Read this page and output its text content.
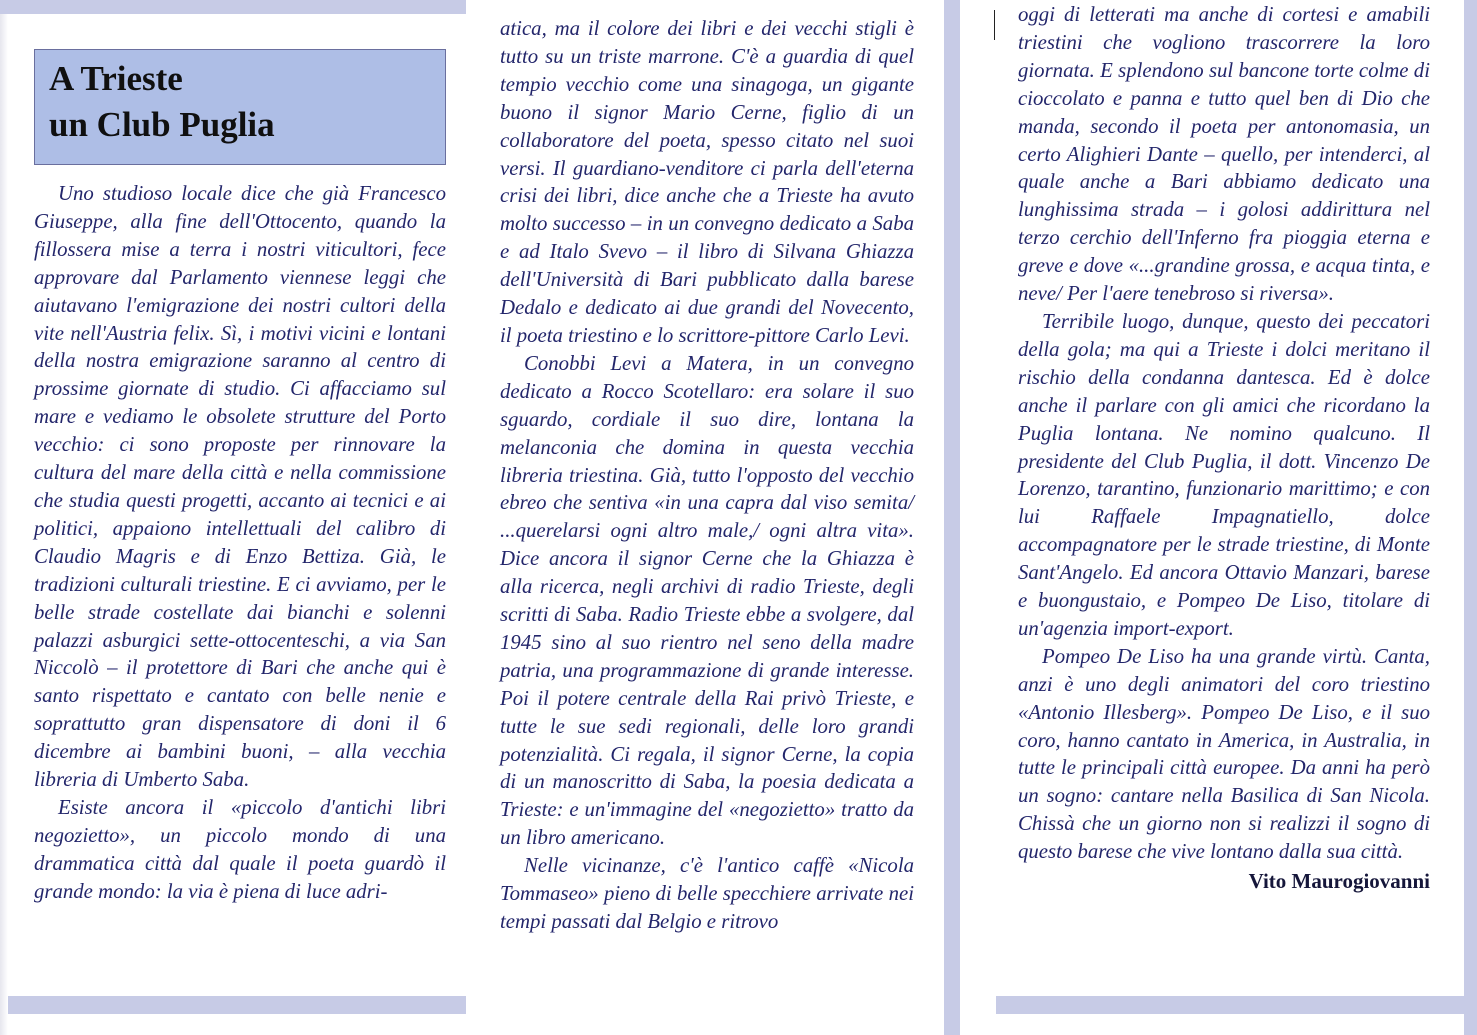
A Trieste
un Club Puglia

Uno studioso locale dice che già Francesco Giuseppe, alla fine dell'Ottocento, quando la fillossera mise a terra i nostri viticultori, fece approvare dal Parlamento viennese leggi che aiutavano l'emigrazione dei nostri cultori della vite nell'Austria felix. Sì, i motivi vicini e lontani della nostra emigrazione saranno al centro di prossime giornate di studio. Ci affacciamo sul mare e vediamo le obsolete strutture del Porto vecchio: ci sono proposte per rinnovare la cultura del mare della città e nella commissione che studia questi progetti, accanto ai tecnici e ai politici, appaiono intellettuali del calibro di Claudio Magris e di Enzo Bettiza. Già, le tradizioni culturali triestine. E ci avviamo, per le belle strade costellate dai bianchi e solenni palazzi asburgici sette-ottocenteschi, a via San Niccolò – il protettore di Bari che anche qui è santo rispettato e cantato con belle nenie e soprattutto gran dispensatore di doni il 6 dicembre ai bambini buoni, – alla vecchia libreria di Umberto Saba.

Esiste ancora il «piccolo d'antichi libri negozietto», un piccolo mondo di una drammatica città dal quale il poeta guardò il grande mondo: la via è piena di luce adri-

atica, ma il colore dei libri e dei vecchi stigli è tutto su un triste marrone. C'è a guardia di quel tempio vecchio come una sinagoga, un gigante buono il signor Mario Cerne, figlio di un collaboratore del poeta, spesso citato nel suoi versi. Il guardiano-venditore ci parla dell'eterna crisi dei libri, dice anche che a Trieste ha avuto molto successo – in un convegno dedicato a Saba e ad Italo Svevo – il libro di Silvana Ghiazza dell'Università di Bari pubblicato dalla barese Dedalo e dedicato ai due grandi del Novecento, il poeta triestino e lo scrittore-pittore Carlo Levi.

Conobbi Levi a Matera, in un convegno dedicato a Rocco Scotellaro: era solare il suo sguardo, cordiale il suo dire, lontana la melanconia che domina in questa vecchia libreria triestina. Già, tutto l'opposto del vecchio ebreo che sentiva «in una capra dal viso semita/ ...querelarsi ogni altro male,/ ogni altra vita». Dice ancora il signor Cerne che la Ghiazza è alla ricerca, negli archivi di radio Trieste, degli scritti di Saba. Radio Trieste ebbe a svolgere, dal 1945 sino al suo rientro nel seno della madre patria, una programmazione di grande interesse. Poi il potere centrale della Rai privò Trieste, e tutte le sue sedi regionali, delle loro grandi potenzialità. Ci regala, il signor Cerne, la copia di un manoscritto di Saba, la poesia dedicata a Trieste: e un'immagine del «negozietto» tratto da un libro americano.

Nelle vicinanze, c'è l'antico caffè «Nicola Tommaseo» pieno di belle specchiere arrivate nei tempi passati dal Belgio e ritrovo

oggi di letterati ma anche di cortesi e amabili triestini che vogliono trascorrere la loro giornata. E splendono sul bancone torte colme di cioccolato e panna e tutto quel ben di Dio che manda, secondo il poeta per antonomasia, un certo Alighieri Dante – quello, per intenderci, al quale anche a Bari abbiamo dedicato una lunghissima strada – i golosi addirittura nel terzo cerchio dell'Inferno fra pioggia eterna e greve e dove «...grandine grossa, e acqua tinta, e neve/ Per l'aere tenebroso si riversa».

Terribile luogo, dunque, questo dei peccatori della gola; ma qui a Trieste i dolci meritano il rischio della condanna dantesca. Ed è dolce anche il parlare con gli amici che ricordano la Puglia lontana. Ne nomino qualcuno. Il presidente del Club Puglia, il dott. Vincenzo De Lorenzo, tarantino, funzionario marittimo; e con lui Raffaele Impagnatiello, dolce accompagnatore per le strade triestine, di Monte Sant'Angelo. Ed ancora Ottavio Manzari, barese e buongustaio, e Pompeo De Liso, titolare di un'agenzia import-export.

Pompeo De Liso ha una grande virtù. Canta, anzi è uno degli animatori del coro triestino «Antonio Illesberg». Pompeo De Liso, e il suo coro, hanno cantato in America, in Australia, in tutte le principali città europee. Da anni ha però un sogno: cantare nella Basilica di San Nicola. Chissà che un giorno non si realizzi il sogno di questo barese che vive lontano dalla sua città.

Vito Maurogiovanni
